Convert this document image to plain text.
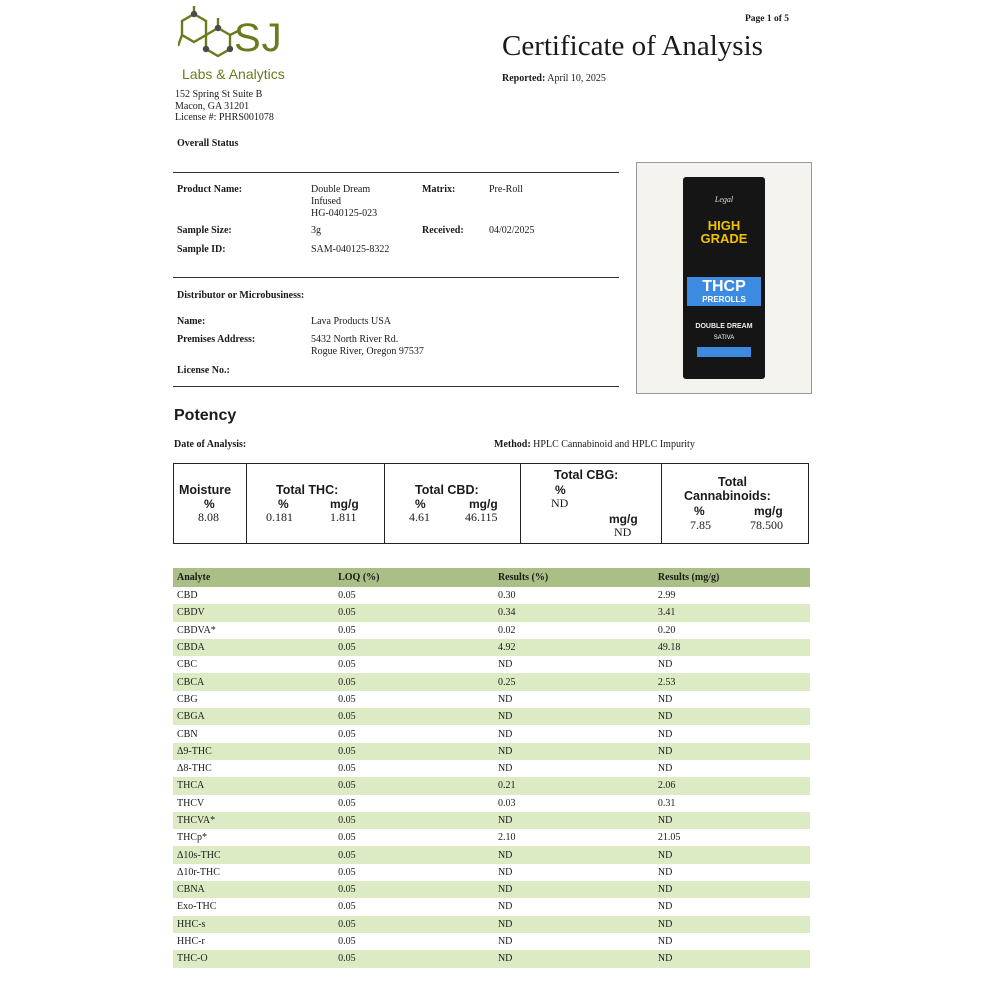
SJ
Labs & Analytics
152 Spring St Suite B
Macon, GA 31201
License #: PHRS001078
Page 1 of 5
Certificate of Analysis
Reported: April 10, 2025
Overall Status
Product Name:	Double Dream
Infused
HG-040125-023
Matrix:	Pre-Roll
Sample Size:	3g	Received:	04/02/2025
Sample ID:	SAM-040125-8322
Distributor or Microbusiness:
Name:	Lava Products USA
Premises Address:	5432 North River Rd.
Rogue River, Oregon 97537
License No.:
Legal
HIGH
GRADE
THCP
PREROLLS
DOUBLE DREAM
SATIVA
Potency
Date of Analysis:	Method: HPLC Cannabinoid and HPLC Impurity
Moisture
%
8.08
Total THC:
%	mg/g
0.181	1.811
Total CBD:
%	mg/g
4.61	46.115
Total CBG:
%
ND
mg/g
ND
Total
Cannabinoids:
%	mg/g
7.85	78.500
Analyte	LOQ (%)	Results (%)	Results (mg/g)
CBD	0.05	0.30	2.99
CBDV	0.05	0.34	3.41
CBDVA*	0.05	0.02	0.20
CBDA	0.05	4.92	49.18
CBC	0.05	ND	ND
CBCA	0.05	0.25	2.53
CBG	0.05	ND	ND
CBGA	0.05	ND	ND
CBN	0.05	ND	ND
Δ9-THC	0.05	ND	ND
Δ8-THC	0.05	ND	ND
THCA	0.05	0.21	2.06
THCV	0.05	0.03	0.31
THCVA*	0.05	ND	ND
THCp*	0.05	2.10	21.05
Δ10s-THC	0.05	ND	ND
Δ10r-THC	0.05	ND	ND
CBNA	0.05	ND	ND
Exo-THC	0.05	ND	ND
HHC-s	0.05	ND	ND
HHC-r	0.05	ND	ND
THC-O	0.05	ND	ND
